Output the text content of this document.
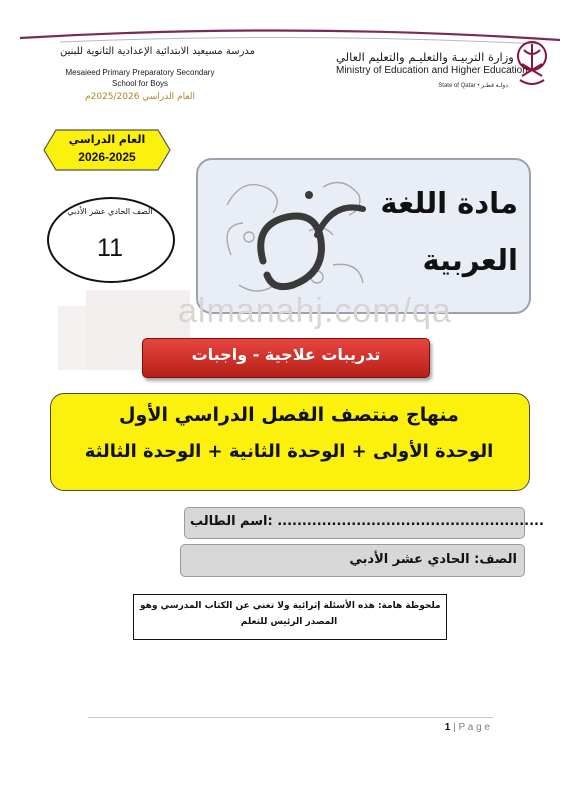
وزارة التربيـة والتعليـم والتعليم العالي
Ministry of Education and Higher Education
State of Qatar • دولـة قطـر
مدرسة مسيعيد الابتدائية الإعدادية الثانوية للبنين
Mesaieed Primary Preparatory Secondary
School for Boys
العام الدراسي 2025/2026م
العام الدراسي
2026-2025
الصف الحادي عشر الأدبي
11
مادة اللغة
العربية
almanahj.com/qa
تدريبات علاجية - واجبات
منهاج منتصف الفصل الدراسي الأول
الوحدة الأولى + الوحدة الثانية + الوحدة الثالثة
اسم الطالب: ......................................................
الصف: الحادي عشر الأدبي
ملحوظة هامة: هذه الأسئلة إثرائية ولا تغني عن الكتاب المدرسي وهو
المصدر الرئيس للتعلم
1 | P a g e
